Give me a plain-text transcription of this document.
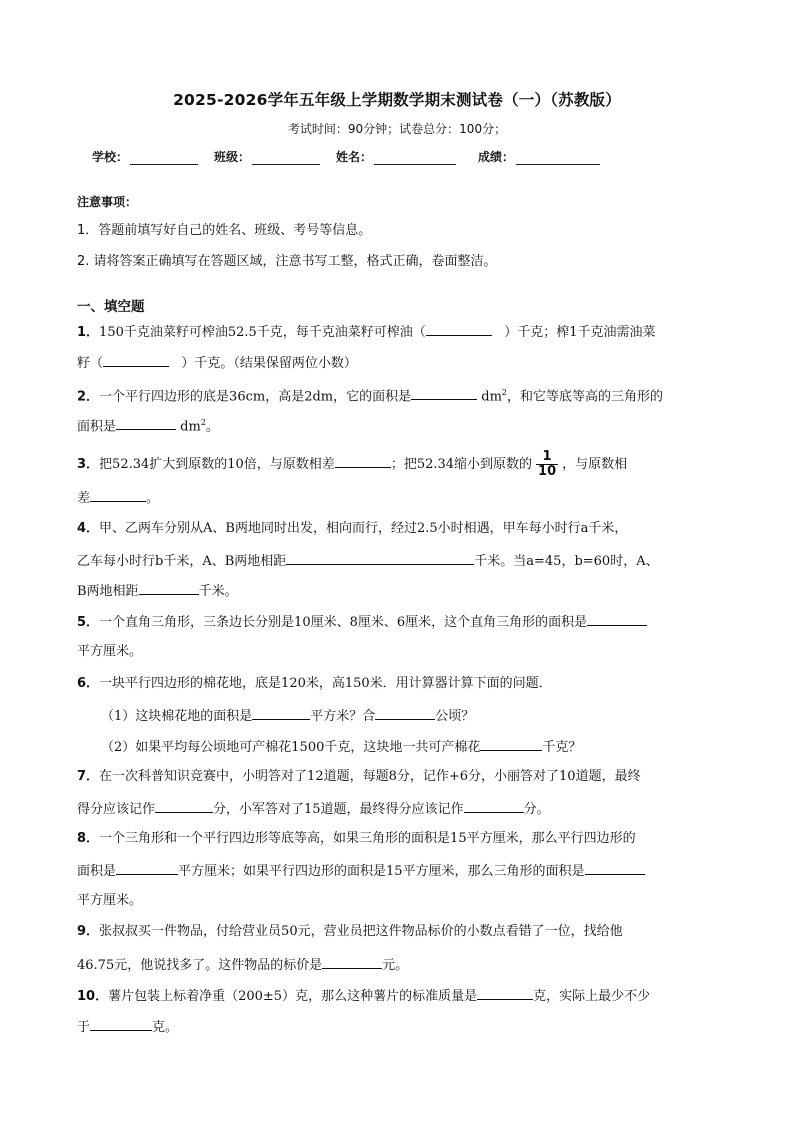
2025-2026学年五年级上学期数学期末测试卷（一）（苏教版）
考试时间：90分钟；试卷总分：100分；
学校：	班级：	姓名：	成绩：
注意事项：
1．答题前填写好自己的姓名、班级、考号等信息。
2. 请将答案正确填写在答题区域，注意书写工整，格式正确，卷面整洁。
一、填空题
1．150千克油菜籽可榨油52.5千克，每千克油菜籽可榨油（	）千克；榨1千克油需油菜
籽（	）千克。（结果保留两位小数）
2．一个平行四边形的底是36cm，高是2dm，它的面积是	$dm^2$，和它等底等高的三角形的
面积是	$dm^2$。
3．把52.34扩大到原数的10倍，与原数相差	；把52.34缩小到原数的 $\frac{1}{10}$ ，与原数相
差	。
4．甲、乙两车分别从A、B两地同时出发，相向而行，经过2.5小时相遇，甲车每小时行a千米，
乙车每小时行b千米，A、B两地相距	千米。当a=45，b=60时，A、
B两地相距	千米。
5．一个直角三角形，三条边长分别是10厘米、8厘米、6厘米，这个直角三角形的面积是
平方厘米。
6．一块平行四边形的棉花地，底是120米，高150米．用计算器计算下面的问题．
（1）这块棉花地的面积是	平方米？合	公顷？
（2）如果平均每公顷地可产棉花1500千克，这块地一共可产棉花	千克？
7．在一次科普知识竞赛中，小明答对了12道题，每题8分，记作+6分，小丽答对了10道题，最终
得分应该记作	分，小军答对了15道题，最终得分应该记作	分。
8．一个三角形和一个平行四边形等底等高，如果三角形的面积是15平方厘米，那么平行四边形的
面积是	平方厘米；如果平行四边形的面积是15平方厘米，那么三角形的面积是
平方厘米。
9．张叔叔买一件物品，付给营业员50元，营业员把这件物品标价的小数点看错了一位，找给他
46.75元，他说找多了。这件物品的标价是	元。
10．薯片包装上标着净重（200±5）克，那么这种薯片的标准质量是	克，实际上最少不少
于	克。
